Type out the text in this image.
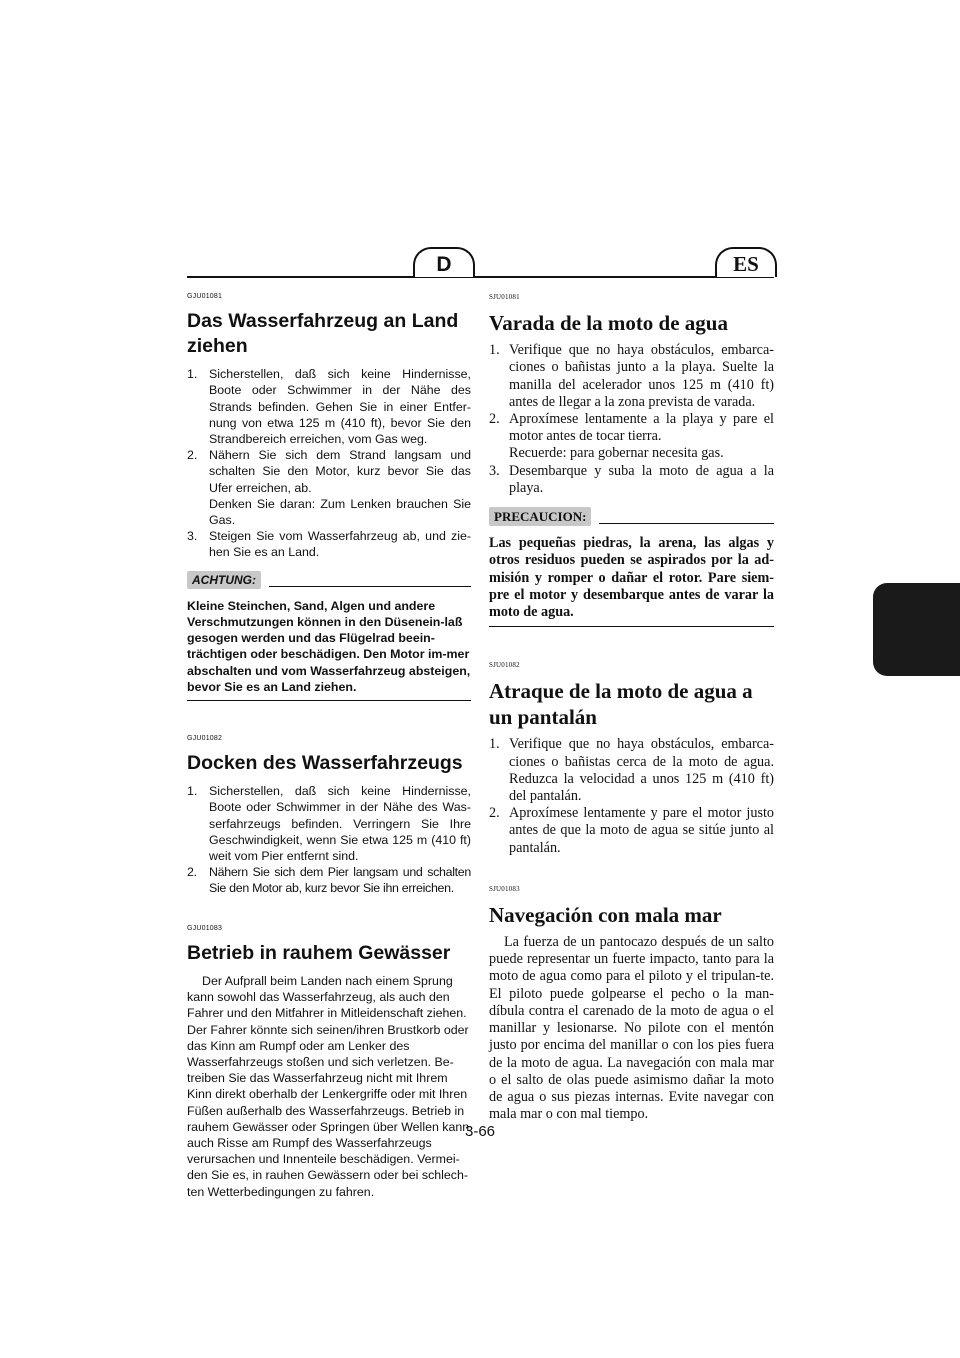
D	ES
GJU01081
Das Wasserfahrzeug an Land ziehen
1. Sicherstellen, daß sich keine Hindernisse, Boote oder Schwimmer in der Nähe des Strands befinden. Gehen Sie in einer Entfer-nung von etwa 125 m (410 ft), bevor Sie den Strandbereich erreichen, vom Gas weg.
2. Nähern Sie sich dem Strand langsam und schalten Sie den Motor, kurz bevor Sie das Ufer erreichen, ab.
Denken Sie daran: Zum Lenken brauchen Sie Gas.
3. Steigen Sie vom Wasserfahrzeug ab, und zie-hen Sie es an Land.
ACHTUNG:
Kleine Steinchen, Sand, Algen und andere Verschmutzungen können in den Düsenein-laß gesogen werden und das Flügelrad beein-trächtigen oder beschädigen. Den Motor im-mer abschalten und vom Wasserfahrzeug absteigen, bevor Sie es an Land ziehen.
GJU01082
Docken des Wasserfahrzeugs
1. Sicherstellen, daß sich keine Hindernisse, Boote oder Schwimmer in der Nähe des Was-serfahrzeugs befinden. Verringern Sie Ihre Geschwindigkeit, wenn Sie etwa 125 m (410 ft) weit vom Pier entfernt sind.
2. Nähern Sie sich dem Pier langsam und schalten Sie den Motor ab, kurz bevor Sie ihn erreichen.
GJU01083
Betrieb in rauhem Gewässer
Der Aufprall beim Landen nach einem Sprung kann sowohl das Wasserfahrzeug, als auch den Fahrer und den Mitfahrer in Mitleidenschaft ziehen. Der Fahrer könnte sich seinen/ihren Brustkorb oder das Kinn am Rumpf oder am Lenker des Wasserfahrzeugs stoßen und sich verletzen. Be-treiben Sie das Wasserfahrzeug nicht mit Ihrem Kinn direkt oberhalb der Lenkergriffe oder mit Ihren Füßen außerhalb des Wasserfahrzeugs. Betrieb in rauhem Gewässer oder Springen über Wellen kann auch Risse am Rumpf des Wasserfahrzeugs verursachen und Innenteile beschädigen. Vermei-den Sie es, in rauhen Gewässern oder bei schlech-ten Wetterbedingungen zu fahren.
SJU01081
Varada de la moto de agua
1. Verifique que no haya obstáculos, embarca-ciones o bañistas junto a la playa. Suelte la manilla del acelerador unos 125 m (410 ft) antes de llegar a la zona prevista de varada.
2. Aproxímese lentamente a la playa y pare el motor antes de tocar tierra.
Recuerde: para gobernar necesita gas.
3. Desembarque y suba la moto de agua a la playa.
PRECAUCION:
Las pequeñas piedras, la arena, las algas y otros residuos pueden se aspirados por la ad-misión y romper o dañar el rotor. Pare siem-pre el motor y desembarque antes de varar la moto de agua.
SJU01082
Atraque de la moto de agua a un pantalán
1. Verifique que no haya obstáculos, embarca-ciones o bañistas cerca de la moto de agua. Reduzca la velocidad a unos 125 m (410 ft) del pantalán.
2. Aproxímese lentamente y pare el motor justo antes de que la moto de agua se sitúe junto al pantalán.
SJU01083
Navegación con mala mar
La fuerza de un pantocazo después de un salto puede representar un fuerte impacto, tanto para la moto de agua como para el piloto y el tripulan-te. El piloto puede golpearse el pecho o la man-díbula contra el carenado de la moto de agua o el manillar y lesionarse. No pilote con el mentón justo por encima del manillar o con los pies fuera de la moto de agua. La navegación con mala mar o el salto de olas puede asimismo dañar la moto de agua o sus piezas internas. Evite navegar con mala mar o con mal tiempo.
3-66
